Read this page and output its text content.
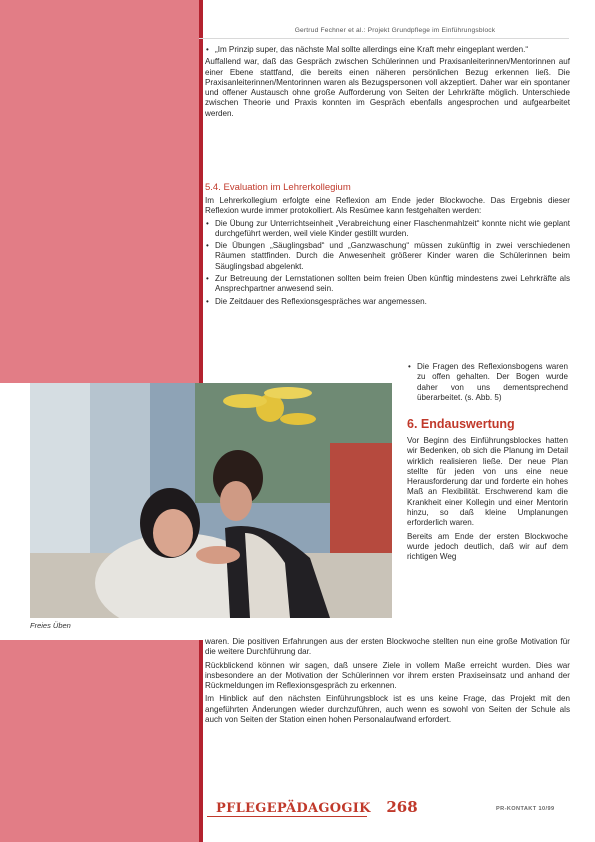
Gertrud Fechner et al.: Projekt Grundpflege im Einführungsblock
• „Im Prinzip super, das nächste Mal sollte allerdings eine Kraft mehr eingeplant werden.“

Auffallend war, daß das Gespräch zwischen Schülerinnen und Praxisanleiterinnen/Mentorinnen auf einer Ebene stattfand, die bereits einen näheren persönlichen Bezug erkennen ließ. Die Praxisanleiterinnen/Mentorinnen waren als Bezugspersonen voll akzeptiert. Daher war ein spontaner und offener Austausch ohne große Aufforderung von Seiten der Lehrkräfte möglich. Unterschiede zwischen Theorie und Praxis konnten im Gespräch ebenfalls angesprochen und aufgearbeitet werden.

5.4. Evaluation im Lehrerkollegium

Im Lehrerkollegium erfolgte eine Reflexion am Ende jeder Blockwoche. Das Ergebnis dieser Reflexion wurde immer protokolliert. Als Resümee kann festgehalten werden:

• Die Übung zur Unterrichtseinheit „Verabreichung einer Flaschenmahlzeit“ konnte nicht wie geplant durchgeführt werden, weil viele Kinder gestillt wurden.
• Die Übungen „Säuglingsbad“ und „Ganzwaschung“ müssen zukünftig in zwei verschiedenen Räumen stattfinden. Durch die Anwesenheit größerer Kinder waren die Schülerinnen beim Säuglingsbad abgelenkt.
• Zur Betreuung der Lernstationen sollten beim freien Üben künftig mindestens zwei Lehrkräfte als Ansprechpartner anwesend sein.
• Die Zeitdauer des Reflexionsgespräches war angemessen.
• Die Fragen des Reflexionsbogens waren zu offen gehalten. Der Bogen wurde daher von uns dementsprechend überarbeitet. (s. Abb. 5)
Freies Üben
6. Endauswertung

Vor Beginn des Einführungsblockes hatten wir Bedenken, ob sich die Planung im Detail wirklich realisieren ließe. Der neue Plan stellte für jeden von uns eine neue Herausforderung dar und forderte ein hohes Maß an Flexibilität. Erschwerend kam die Krankheit einer Kollegin und einer Mentorin hinzu, so daß kleine Umplanungen erforderlich waren.

Bereits am Ende der ersten Blockwoche wurde jedoch deutlich, daß wir auf dem richtigen Weg

waren. Die positiven Erfahrungen aus der ersten Blockwoche stellten nun eine große Motivation für die weitere Durchführung dar.

Rückblickend können wir sagen, daß unsere Ziele in vollem Maße erreicht wurden. Dies war insbesondere an der Motivation der Schülerinnen vor ihrem ersten Praxiseinsatz und anhand der Rückmeldungen im Reflexionsgespräch zu erkennen.

Im Hinblick auf den nächsten Einführungsblock ist es uns keine Frage, das Projekt mit den angeführten Änderungen wieder durchzuführen, auch wenn es sowohl von Seiten der Schule als auch von Seiten der Station einen hohen Personalaufwand erfordert.

PFLEGEPÄDAGOGIK 268	PR-KONTAKT 10/99
